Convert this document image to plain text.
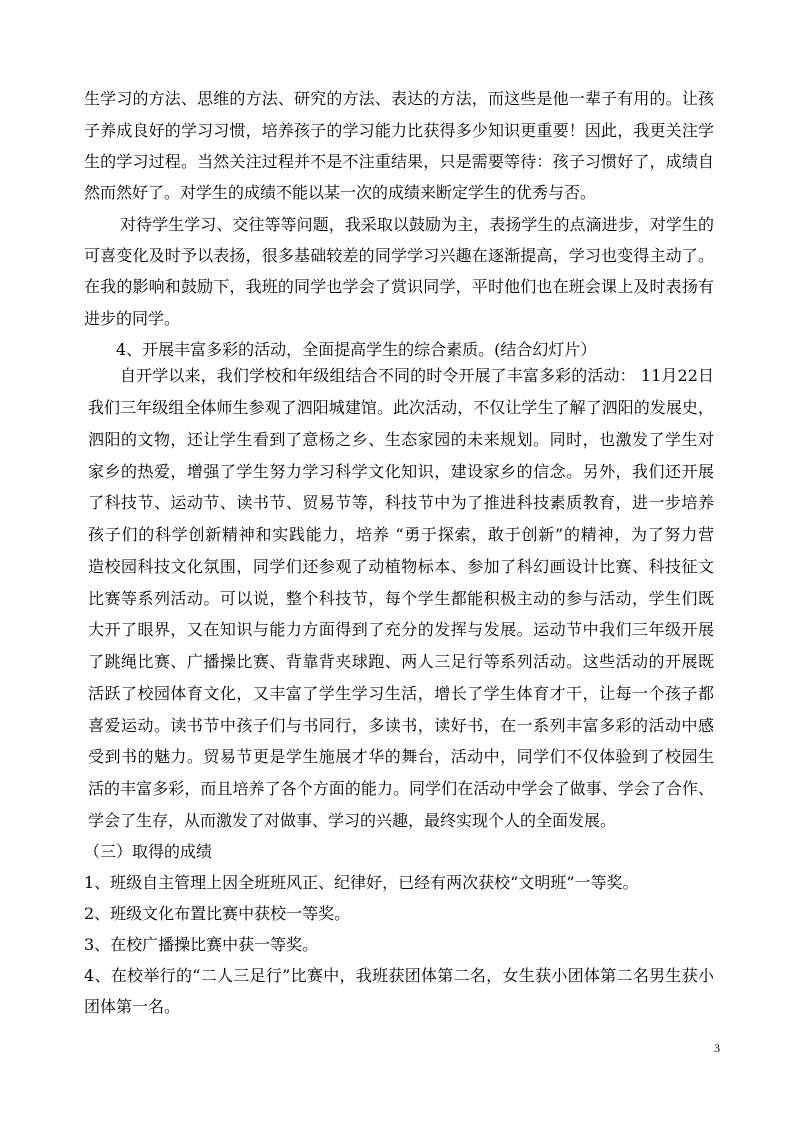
生学习的方法、思维的方法、研究的方法、表达的方法，而这些是他一辈子有用的。让孩
子养成良好的学习习惯，培养孩子的学习能力比获得多少知识更重要！因此，我更关注学
生的学习过程。当然关注过程并不是不注重结果，只是需要等待：孩子习惯好了，成绩自
然而然好了。对学生的成绩不能以某一次的成绩来断定学生的优秀与否。
对待学生学习、交往等等问题，我采取以鼓励为主，表扬学生的点滴进步，对学生的
可喜变化及时予以表扬，很多基础较差的同学学习兴趣在逐渐提高，学习也变得主动了。
在我的影响和鼓励下，我班的同学也学会了赏识同学，平时他们也在班会课上及时表扬有
进步的同学。
4、开展丰富多彩的活动，全面提高学生的综合素质。(结合幻灯片）
自开学以来，我们学校和年级组结合不同的时令开展了丰富多彩的活动： 11月22日
我们三年级组全体师生参观了泗阳城建馆。此次活动，不仅让学生了解了泗阳的发展史，
泗阳的文物，还让学生看到了意杨之乡、生态家园的未来规划。同时，也激发了学生对
家乡的热爱，增强了学生努力学习科学文化知识，建设家乡的信念。另外，我们还开展
了科技节、运动节、读书节、贸易节等，科技节中为了推进科技素质教育，进一步培养
孩子们的科学创新精神和实践能力，培养 “勇于探索，敢于创新”的精神，为了努力营
造校园科技文化氛围，同学们还参观了动植物标本、参加了科幻画设计比赛、科技征文
比赛等系列活动。可以说，整个科技节，每个学生都能积极主动的参与活动，学生们既
大开了眼界，又在知识与能力方面得到了充分的发挥与发展。运动节中我们三年级开展
了跳绳比赛、广播操比赛、背靠背夹球跑、两人三足行等系列活动。这些活动的开展既
活跃了校园体育文化，又丰富了学生学习生活，增长了学生体育才干，让每一个孩子都
喜爱运动。读书节中孩子们与书同行，多读书，读好书，在一系列丰富多彩的活动中感
受到书的魅力。贸易节更是学生施展才华的舞台，活动中，同学们不仅体验到了校园生
活的丰富多彩，而且培养了各个方面的能力。同学们在活动中学会了做事、学会了合作、
学会了生存，从而激发了对做事、学习的兴趣，最终实现个人的全面发展。
（三）取得的成绩
1、班级自主管理上因全班班风正、纪律好，已经有两次获校“文明班”一等奖。
2、班级文化布置比赛中获校一等奖。
3、在校广播操比赛中获一等奖。
4、在校举行的“二人三足行”比赛中，我班获团体第二名，女生获小团体第二名男生获小
团体第一名。
3
